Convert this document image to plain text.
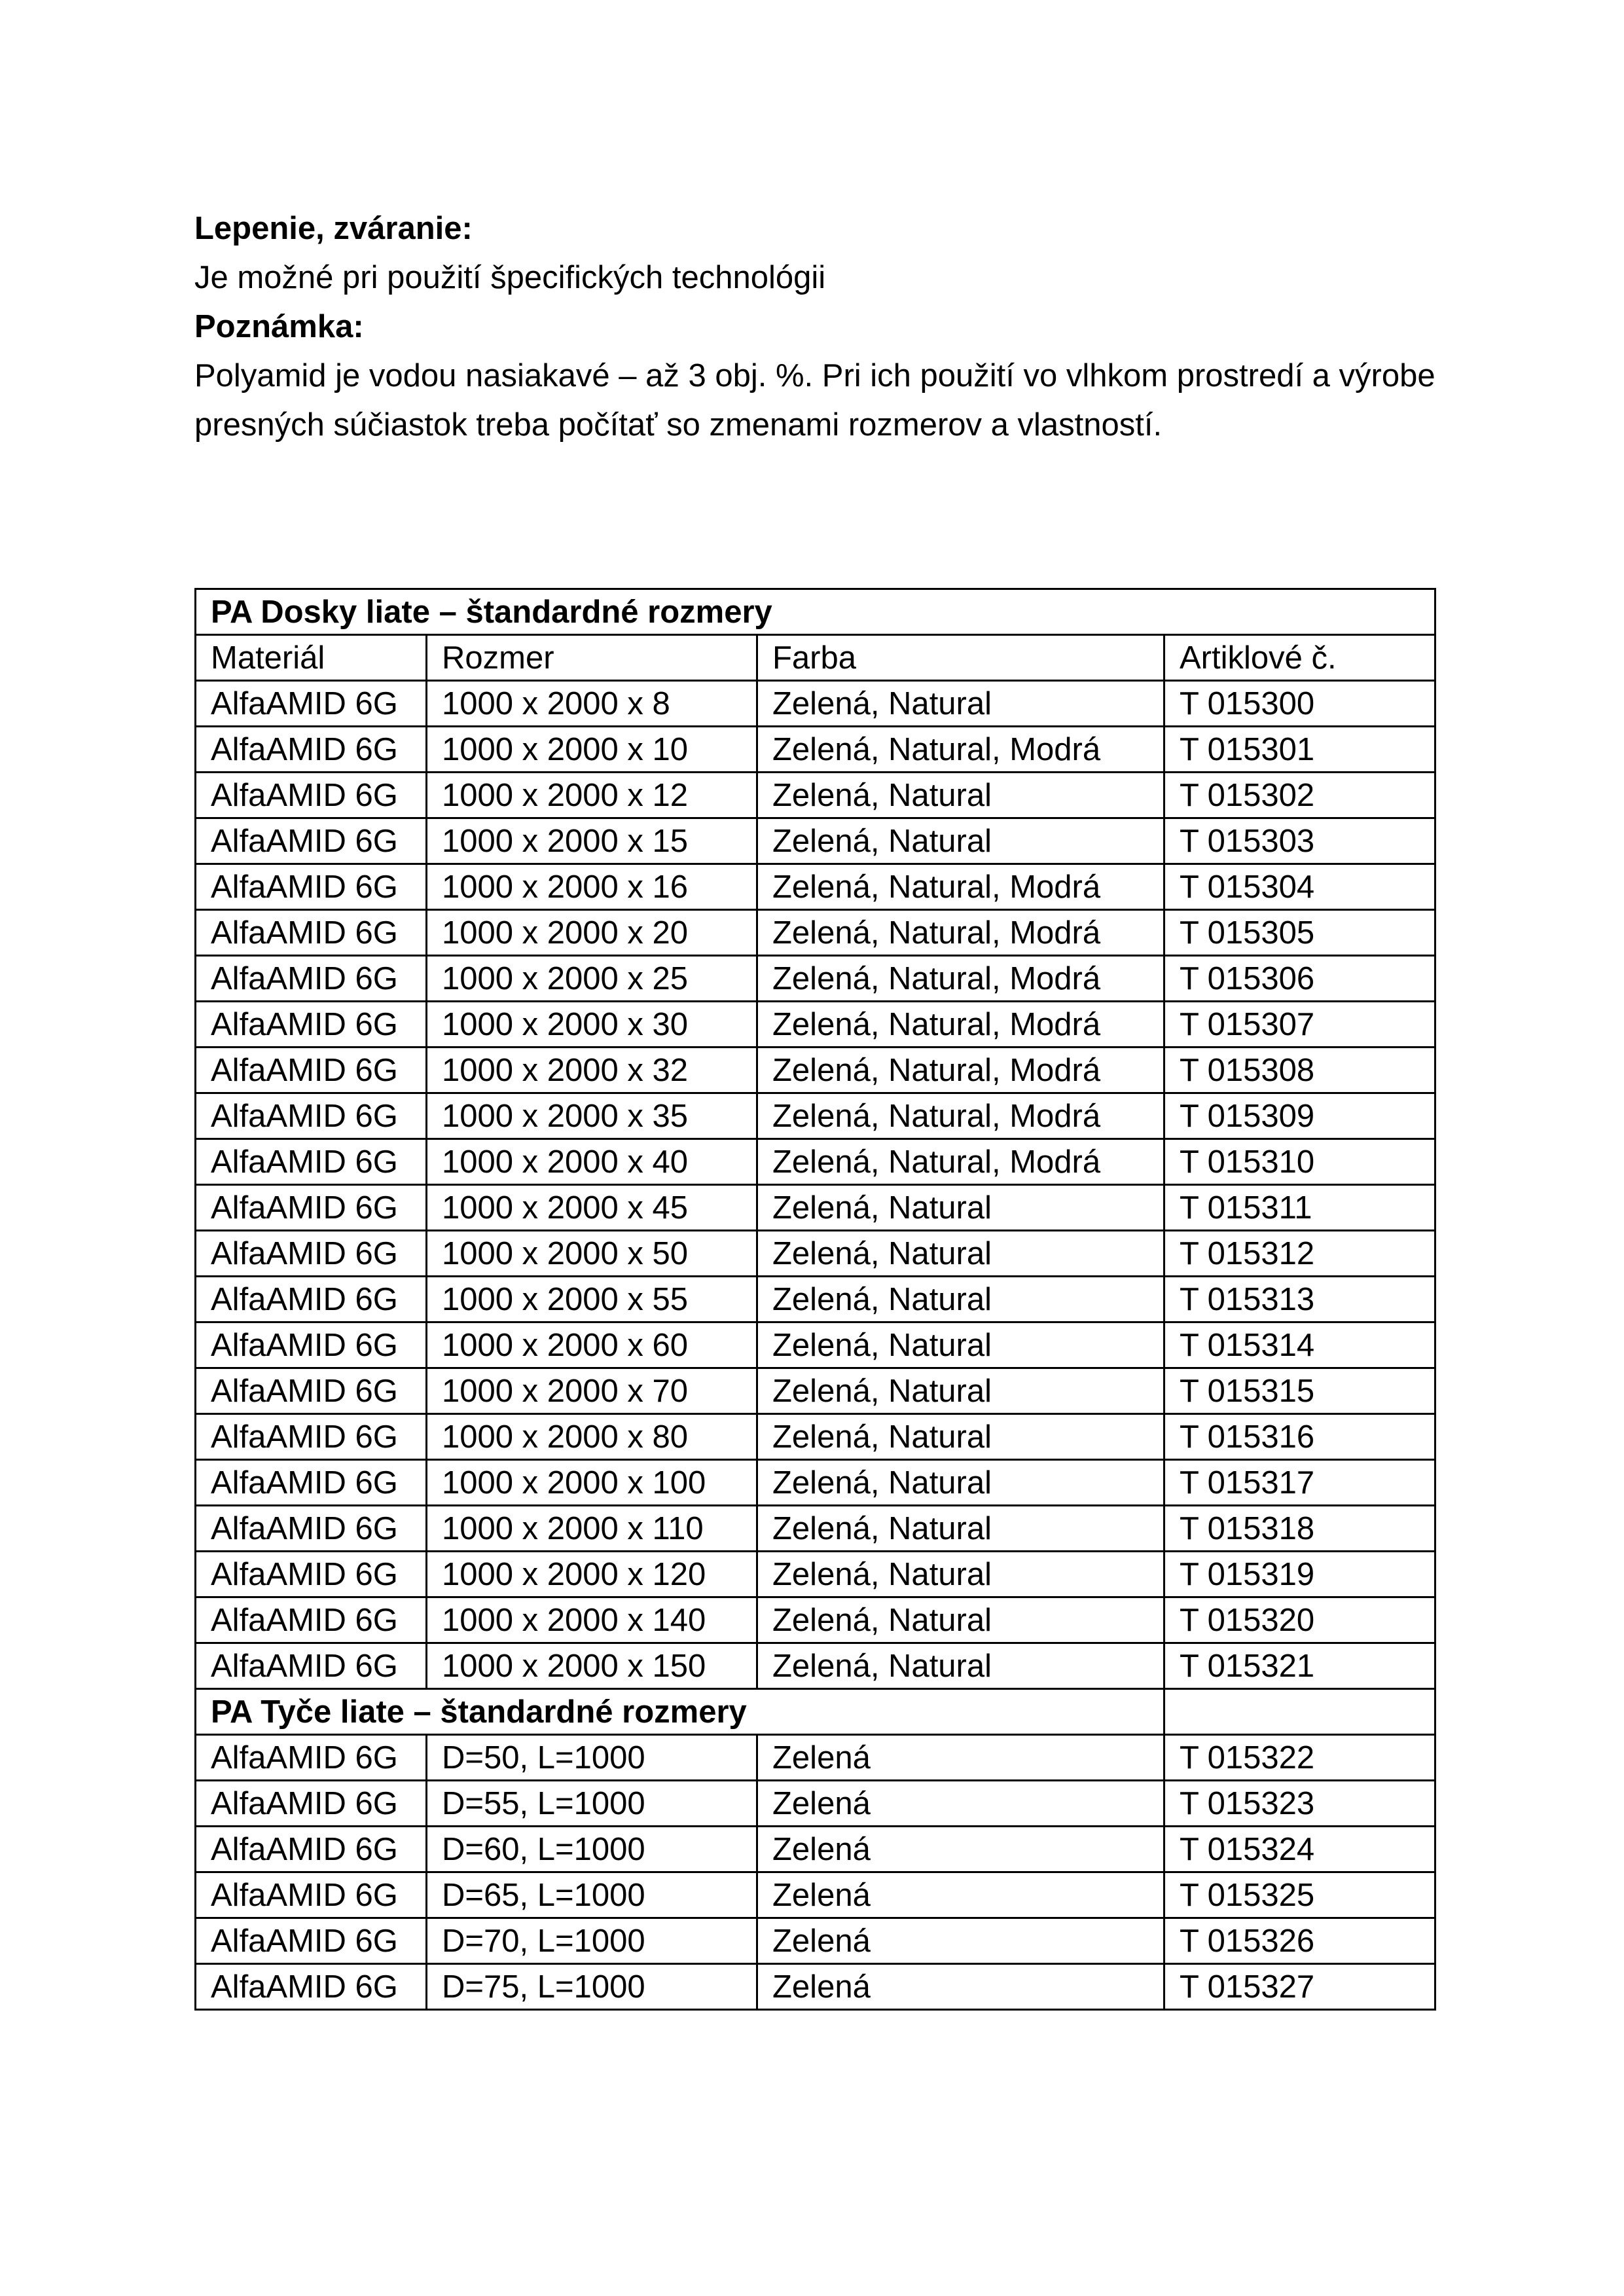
Lepenie, zváranie:

Je možné pri použití špecifických technológii

Poznámka:

Polyamid je vodou nasiakavé – až 3 obj. %. Pri ich použití vo vlhkom prostredí a výrobe presných súčiastok treba počítať so zmenami rozmerov a vlastností.

PA Dosky liate – štandardné rozmery			
Materiál	Rozmer	Farba	Artiklové č.
AlfaAMID 6G	1000 x 2000 x 8	Zelená, Natural	T 015300
AlfaAMID 6G	1000 x 2000 x 10	Zelená, Natural, Modrá	T 015301
AlfaAMID 6G	1000 x 2000 x 12	Zelená, Natural	T 015302
AlfaAMID 6G	1000 x 2000 x 15	Zelená, Natural	T 015303
AlfaAMID 6G	1000 x 2000 x 16	Zelená, Natural, Modrá	T 015304
AlfaAMID 6G	1000 x 2000 x 20	Zelená, Natural, Modrá	T 015305
AlfaAMID 6G	1000 x 2000 x 25	Zelená, Natural, Modrá	T 015306
AlfaAMID 6G	1000 x 2000 x 30	Zelená, Natural, Modrá	T 015307
AlfaAMID 6G	1000 x 2000 x 32	Zelená, Natural, Modrá	T 015308
AlfaAMID 6G	1000 x 2000 x 35	Zelená, Natural, Modrá	T 015309
AlfaAMID 6G	1000 x 2000 x 40	Zelená, Natural, Modrá	T 015310
AlfaAMID 6G	1000 x 2000 x 45	Zelená, Natural	T 015311
AlfaAMID 6G	1000 x 2000 x 50	Zelená, Natural	T 015312
AlfaAMID 6G	1000 x 2000 x 55	Zelená, Natural	T 015313
AlfaAMID 6G	1000 x 2000 x 60	Zelená, Natural	T 015314
AlfaAMID 6G	1000 x 2000 x 70	Zelená, Natural	T 015315
AlfaAMID 6G	1000 x 2000 x 80	Zelená, Natural	T 015316
AlfaAMID 6G	1000 x 2000 x 100	Zelená, Natural	T 015317
AlfaAMID 6G	1000 x 2000 x 110	Zelená, Natural	T 015318
AlfaAMID 6G	1000 x 2000 x 120	Zelená, Natural	T 015319
AlfaAMID 6G	1000 x 2000 x 140	Zelená, Natural	T 015320
AlfaAMID 6G	1000 x 2000 x 150	Zelená, Natural	T 015321
PA Tyče liate – štandardné rozmery			
AlfaAMID 6G	D=50, L=1000	Zelená	T 015322
AlfaAMID 6G	D=55, L=1000	Zelená	T 015323
AlfaAMID 6G	D=60, L=1000	Zelená	T 015324
AlfaAMID 6G	D=65, L=1000	Zelená	T 015325
AlfaAMID 6G	D=70, L=1000	Zelená	T 015326
AlfaAMID 6G	D=75, L=1000	Zelená	T 015327
